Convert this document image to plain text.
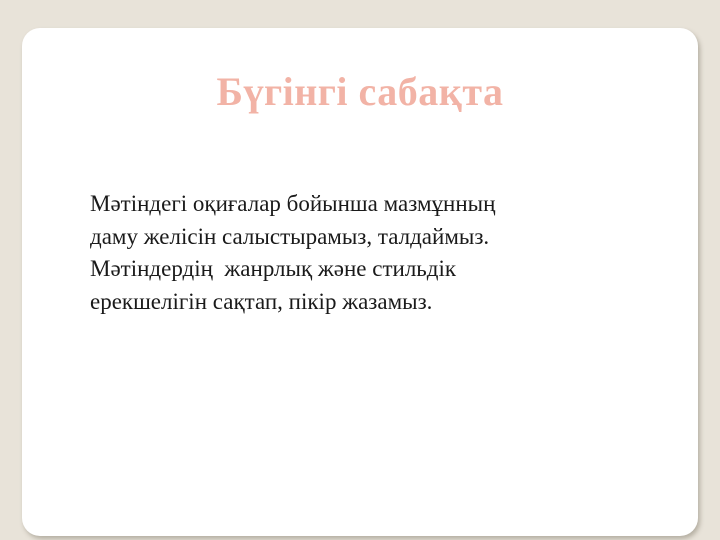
Бүгінгі сабақта
Мәтіндегі оқиғалар бойынша мазмұнның
даму желісін салыстырамыз, талдаймыз.
Мәтіндердің  жанрлық және стильдік
ерекшелігін сақтап, пікір жазамыз.
